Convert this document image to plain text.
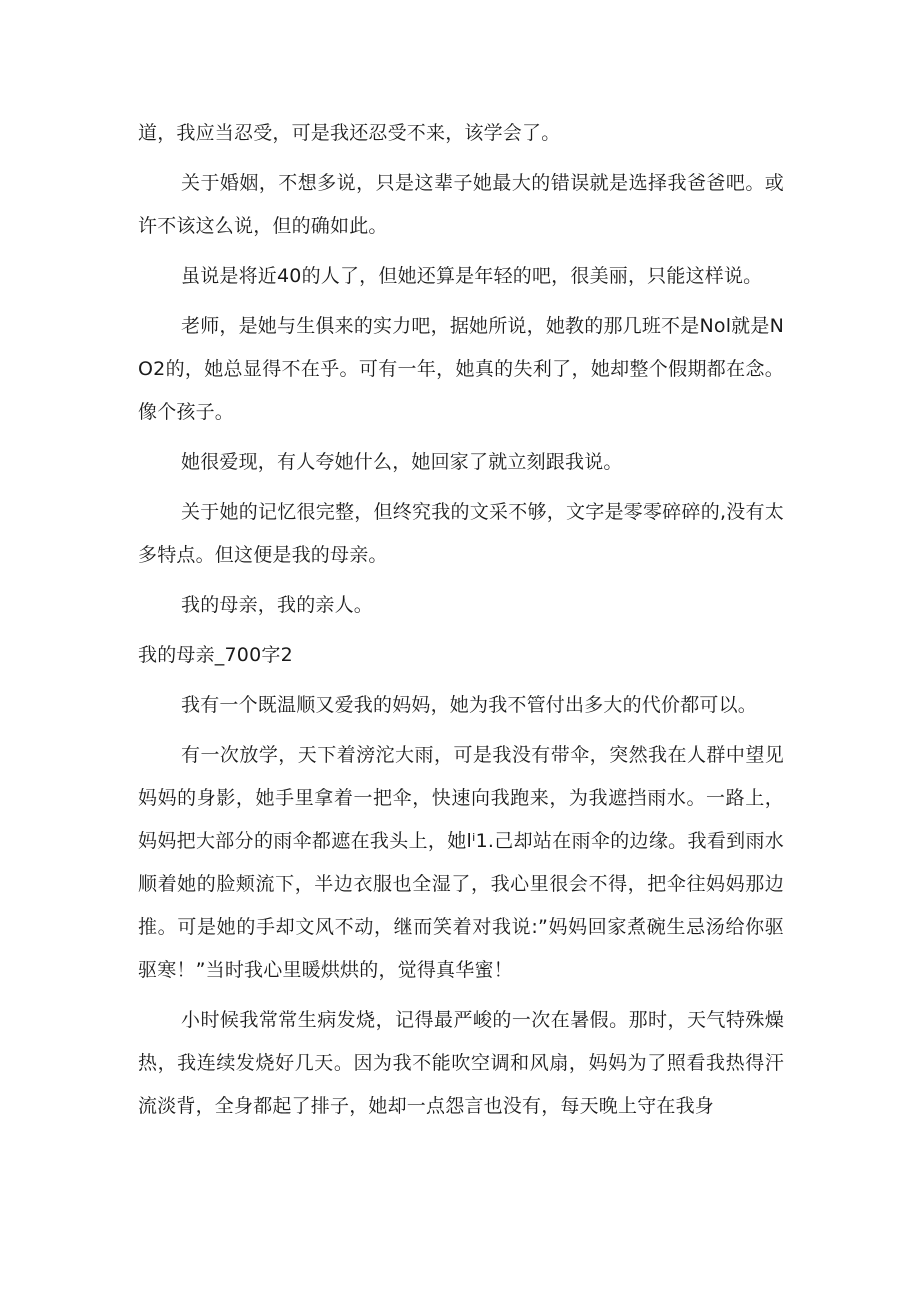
道，我应当忍受，可是我还忍受不来，该学会了。

关于婚姻，不想多说，只是这辈子她最大的错误就是选择我爸爸吧。或许不该这么说，但的确如此。

虽说是将近40的人了，但她还算是年轻的吧，很美丽，只能这样说。

老师，是她与生俱来的实力吧，据她所说，她教的那几班不是Nol就是NO2的，她总显得不在乎。可有一年，她真的失利了，她却整个假期都在念。像个孩子。

她很爱现，有人夸她什么，她回家了就立刻跟我说。

关于她的记忆很完整，但终究我的文采不够，文字是零零碎碎的,没有太多特点。但这便是我的母亲。

我的母亲，我的亲人。

我的母亲_700字2

我有一个既温顺又爱我的妈妈，她为我不管付出多大的代价都可以。

有一次放学，天下着滂沱大雨，可是我没有带伞，突然我在人群中望见妈妈的身影，她手里拿着一把伞，快速向我跑来，为我遮挡雨水。一路上，妈妈把大部分的雨伞都遮在我头上，她lⁱ1.己却站在雨伞的边缘。我看到雨水顺着她的脸颊流下，半边衣服也全湿了，我心里很会不得，把伞往妈妈那边推。可是她的手却文风不动，继而笑着对我说:”妈妈回家煮碗生忌汤给你驱驱寒！”当时我心里暖烘烘的，觉得真华蜜！

小时候我常常生病发烧，记得最严峻的一次在暑假。那时，天气特殊燥热，我连续发烧好几天。因为我不能吹空调和风扇，妈妈为了照看我热得汗流淡背，全身都起了排子，她却一点怨言也没有，每天晚上守在我身
